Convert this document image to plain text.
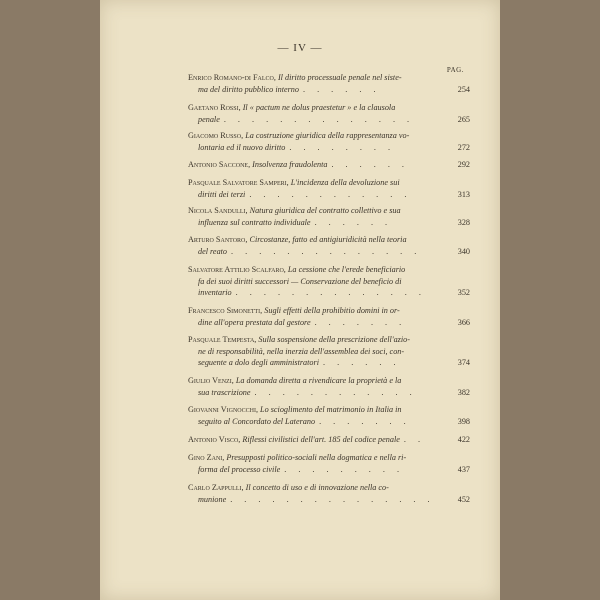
— IV —
PAG.
Enrico Romano-di Falco, Il diritto processuale penale nel siste-
ma del diritto pubblico interno . . . . . .	254
Gaetano Rossi, Il « pactum ne dolus praestetur » e la clausola
penale . . . . . . . . . . . . . .	265
Giacomo Russo, La costruzione giuridica della rappresentanza vo-
lontaria ed il nuovo diritto . . . . . . . .	272
Antonio Saccone, Insolvenza fraudolenta . . . . . .	292
Pasquale Salvatore Samperi, L'incidenza della devoluzione sui
diritti dei terzi . . . . . . . . . . . .	313
Nicola Sandulli, Natura giuridica del contratto collettivo e sua
influenza sul contratto individuale . . . . . .	328
Arturo Santoro, Circostanze, fatto ed antigiuridicità nella teoria
del reato . . . . . . . . . . . . . .	340
Salvatore Attilio Scalfaro, La cessione che l'erede beneficiario
fa dei suoi diritti successori — Conservazione del beneficio di
inventario . . . . . . . . . . . . . .	352
Francesco Simonetti, Sugli effetti della prohibitio domini in or-
dine all'opera prestata dal gestore . . . . . . .	366
Pasquale Tempesta, Sulla sospensione della prescrizione dell'azio-
ne di responsabilità, nella inerzia dell'assemblea dei soci, con-
seguente a dolo degli amministratori . . . . . .	374
Giulio Venzi, La domanda diretta a rivendicare la proprietà e la
sua trascrizione . . . . . . . . . . . .	382
Giovanni Vignocchi, Lo scioglimento del matrimonio in Italia in
seguito al Concordato del Laterano . . . . . . .	398
Antonio Visco, Riflessi civilistici dell'art. 185 del codice penale . .	422
Gino Zani, Presupposti politico-sociali nella dogmatica e nella ri-
forma del processo civile . . . . . . . . .	437
Carlo Zappulli, Il concetto di uso e di innovazione nella co-
munione . . . . . . . . . . . . . . .	452
